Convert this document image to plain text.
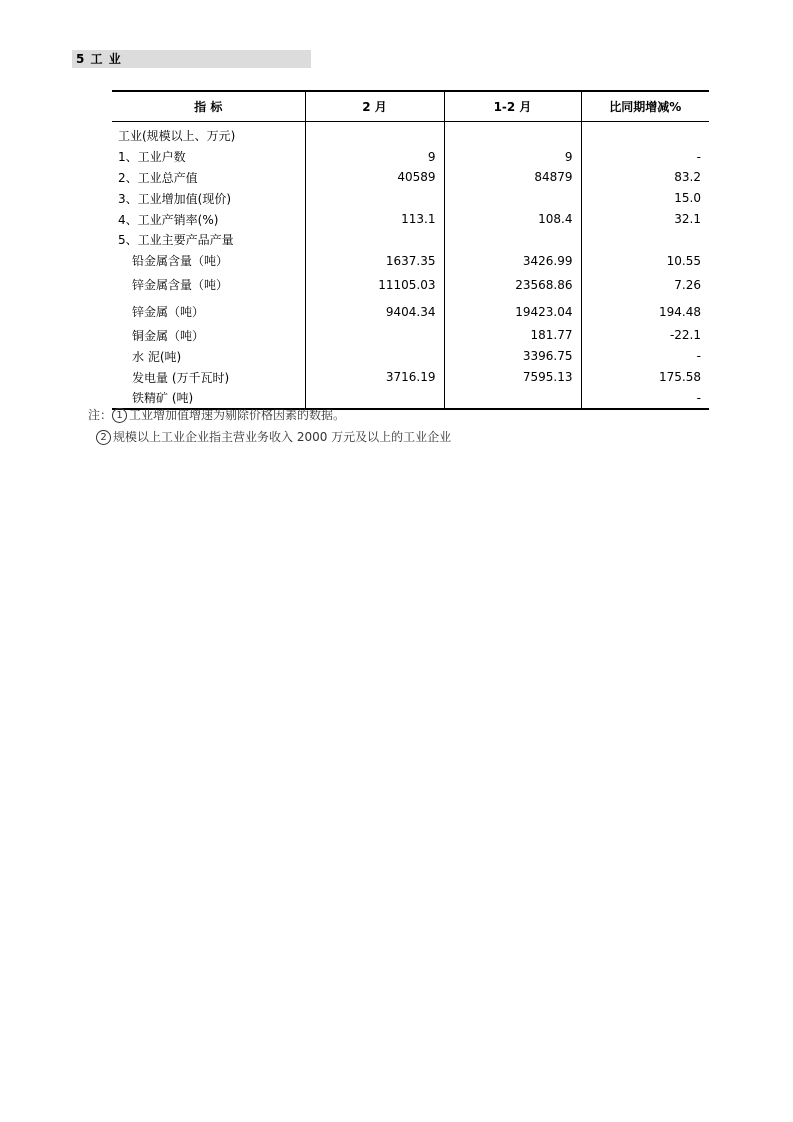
5 工 业
指 标	2 月	1-2 月	比同期增减%
工业(规模以上、万元)			
1、工业户数	9	9	-
2、工业总产值	40589	84879	83.2
3、工业增加值(现价)			15.0
4、工业产销率(%)	113.1	108.4	32.1
5、工业主要产品产量			
铅金属含量（吨）	1637.35	3426.99	10.55
锌金属含量（吨）	11105.03	23568.86	7.26
锌金属（吨）	9404.34	19423.04	194.48
铜金属（吨）		181.77	-22.1
水 泥(吨)		3396.75	-
发电量 (万千瓦时)	3716.19	7595.13	175.58
铁精矿 (吨)			-
注： 1 工业增加值增速为剔除价格因素的数据。
2 规模以上工业企业指主营业务收入 2000 万元及以上的工业企业
